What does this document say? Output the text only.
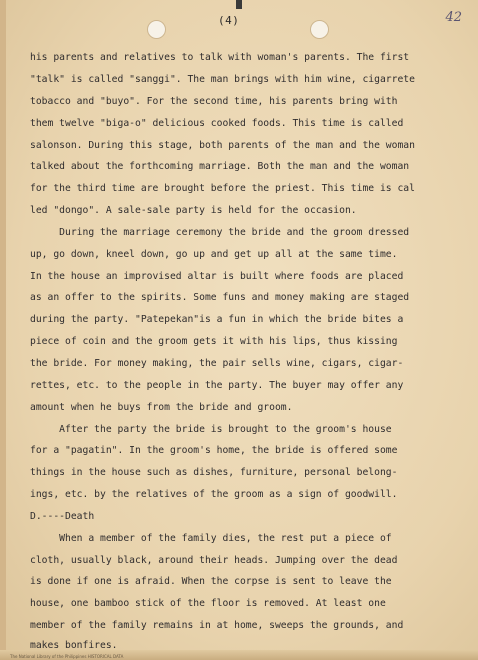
(4)	42
his parents and relatives to talk with woman's parents. The first
"talk" is called "sanggi". The man brings with him wine, cigarrete
tobacco and "buyo". For the second time, his parents bring with
them twelve "biga-o" delicious cooked foods. This time is called
salonson. During this stage, both parents of the man and the woman
talked about the forthcoming marriage. Both the man and the woman
for the third time are brought before the priest. This time is cal
led "dongo". A sale-sale party is held for the occasion.
During the marriage ceremony the bride and the groom dressed
up, go down, kneel down, go up and get up all at the same time.
In the house an improvised altar is built where foods are placed
as an offer to the spirits. Some funs and money making are staged
during the party. "Patepekan"is a fun in which the bride bites a
piece of coin and the groom gets it with his lips, thus kissing
the bride. For money making, the pair sells wine, cigars, cigar-
rettes, etc. to the people in the party. The buyer may offer any
amount when he buys from the bride and groom.
After the party the bride is brought to the groom's house
for a "pagatin". In the groom's home, the bride is offered some
things in the house such as dishes, furniture, personal belong-
ings, etc. by the relatives of the groom as a sign of goodwill.
D.----Death
When a member of the family dies, the rest put a piece of
cloth, usually black, around their heads. Jumping over the dead
is done if one is afraid. When the corpse is sent to leave the
house, one bamboo stick of the floor is removed. At least one
member of the family remains in at home, sweeps the grounds, and
makes bonfires.
The National Library of the Philippines HISTORICAL DATA
